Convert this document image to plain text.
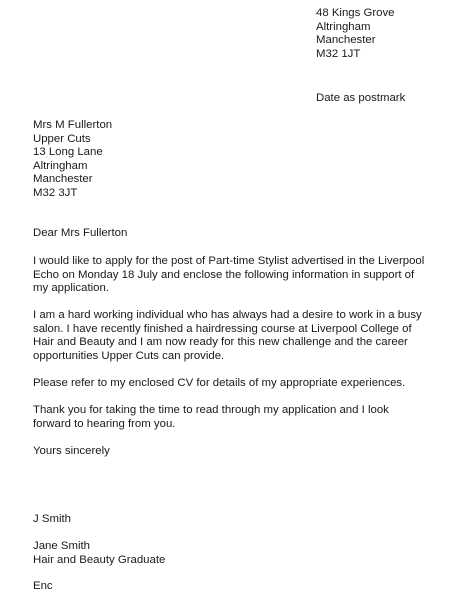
48 Kings Grove
Altringham
Manchester
M32 1JT
Date as postmark
Mrs M Fullerton
Upper Cuts
13 Long Lane
Altringham
Manchester
M32 3JT
Dear Mrs Fullerton
I would like to apply for the post of Part-time Stylist advertised in the Liverpool
Echo on Monday 18 July and enclose the following information in support of
my application.
I am a hard working individual who has always had a desire to work in a busy
salon. I have recently finished a hairdressing course at Liverpool College of
Hair and Beauty and I am now ready for this new challenge and the career
opportunities Upper Cuts can provide.
Please refer to my enclosed CV for details of my appropriate experiences.
Thank you for taking the time to read through my application and I look
forward to hearing from you.
Yours sincerely
J Smith
Jane Smith
Hair and Beauty Graduate
Enc
